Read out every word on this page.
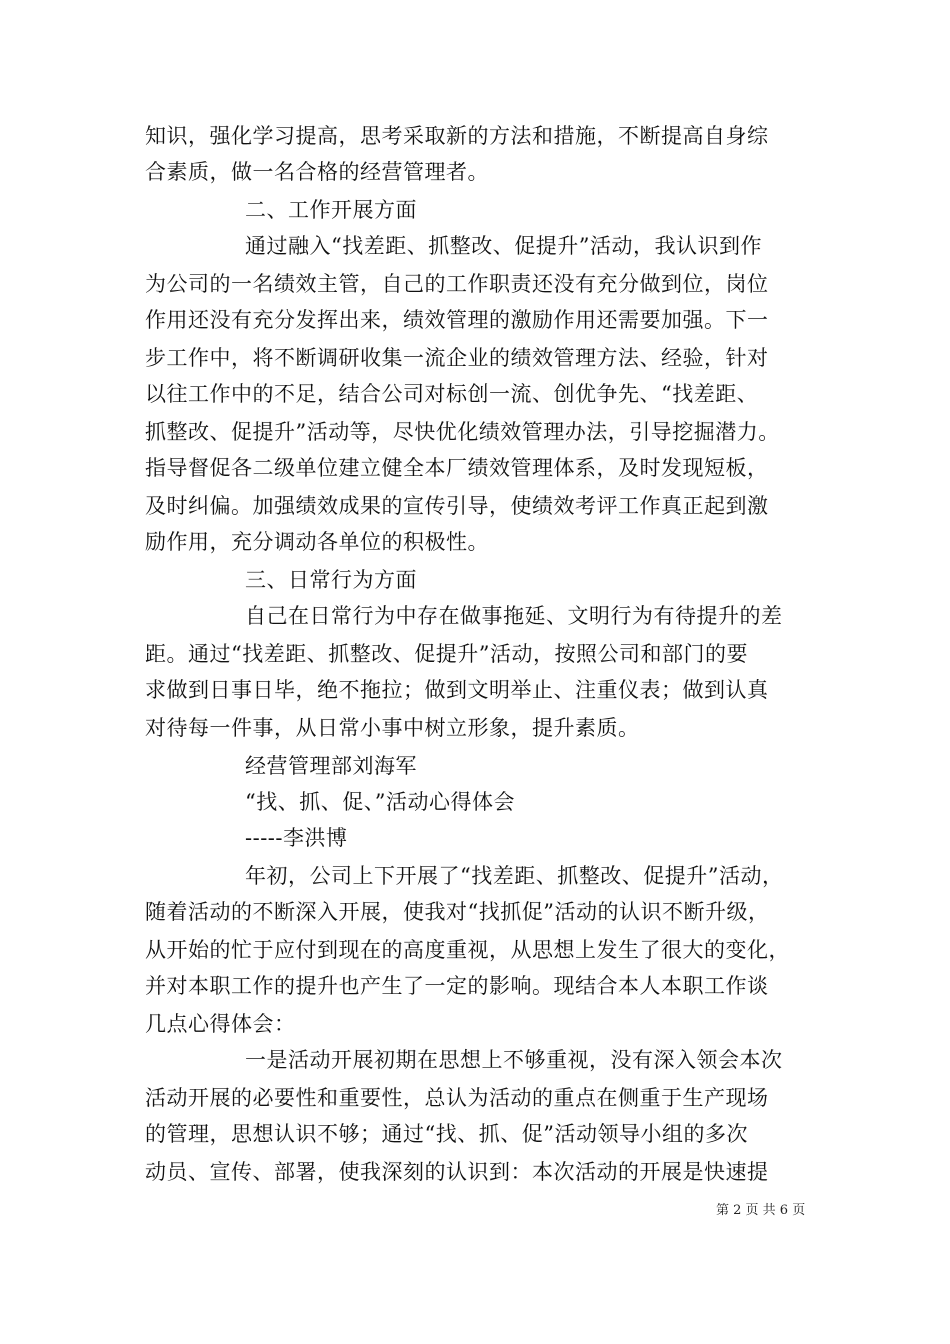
知识，强化学习提高，思考采取新的方法和措施，不断提高自身综
合素质，做一名合格的经营管理者。
二、工作开展方面
通过融入“找差距、抓整改、促提升”活动，我认识到作
为公司的一名绩效主管，自己的工作职责还没有充分做到位，岗位
作用还没有充分发挥出来，绩效管理的激励作用还需要加强。下一
步工作中，将不断调研收集一流企业的绩效管理方法、经验，针对
以往工作中的不足，结合公司对标创一流、创优争先、“找差距、
抓整改、促提升”活动等，尽快优化绩效管理办法，引导挖掘潜力。
指导督促各二级单位建立健全本厂绩效管理体系，及时发现短板，
及时纠偏。加强绩效成果的宣传引导，使绩效考评工作真正起到激
励作用，充分调动各单位的积极性。
三、日常行为方面
自己在日常行为中存在做事拖延、文明行为有待提升的差
距。通过“找差距、抓整改、促提升”活动，按照公司和部门的要
求做到日事日毕，绝不拖拉；做到文明举止、注重仪表；做到认真
对待每一件事，从日常小事中树立形象，提升素质。
经营管理部刘海军
“找、抓、促、”活动心得体会
-----李洪博
年初，公司上下开展了“找差距、抓整改、促提升”活动，
随着活动的不断深入开展，使我对“找抓促”活动的认识不断升级，
从开始的忙于应付到现在的高度重视，从思想上发生了很大的变化，
并对本职工作的提升也产生了一定的影响。现结合本人本职工作谈
几点心得体会：
一是活动开展初期在思想上不够重视，没有深入领会本次
活动开展的必要性和重要性，总认为活动的重点在侧重于生产现场
的管理，思想认识不够；通过“找、抓、促”活动领导小组的多次
动员、宣传、部署，使我深刻的认识到：本次活动的开展是快速提
第 2 页 共 6 页
